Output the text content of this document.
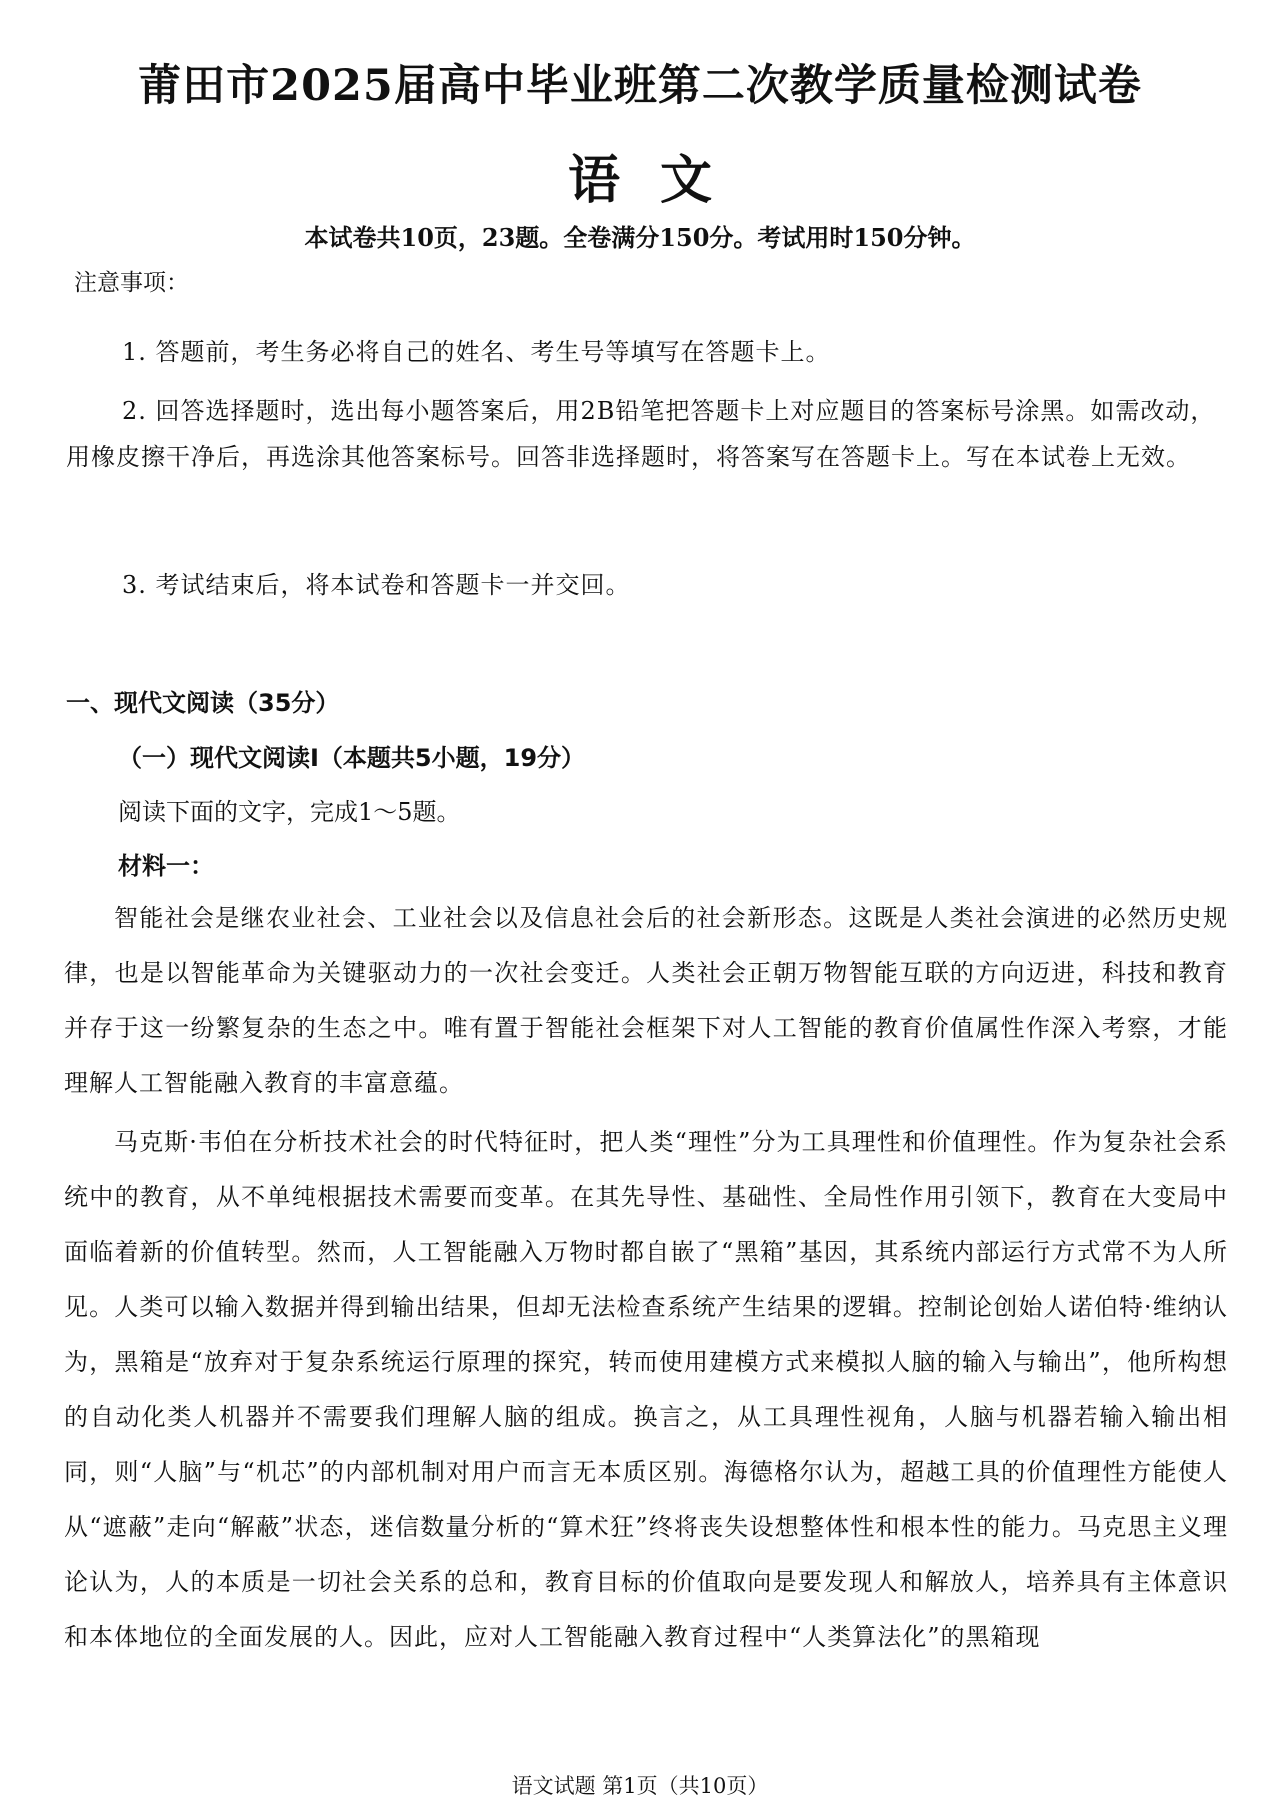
莆田市2025届高中毕业班第二次教学质量检测试卷
语文
本试卷共10页，23题。全卷满分150分。考试用时150分钟。
注意事项：
1. 答题前，考生务必将自己的姓名、考生号等填写在答题卡上。
2. 回答选择题时，选出每小题答案后，用2B铅笔把答题卡上对应题目的答案标号涂黑。如需改动，用橡皮擦干净后，再选涂其他答案标号。回答非选择题时，将答案写在答题卡上。写在本试卷上无效。
3. 考试结束后，将本试卷和答题卡一并交回。
一、现代文阅读（35分）
（一）现代文阅读Ⅰ（本题共5小题，19分）
阅读下面的文字，完成1～5题。
材料一：
智能社会是继农业社会、工业社会以及信息社会后的社会新形态。这既是人类社会演进的必然历史规律，也是以智能革命为关键驱动力的一次社会变迁。人类社会正朝万物智能互联的方向迈进，科技和教育并存于这一纷繁复杂的生态之中。唯有置于智能社会框架下对人工智能的教育价值属性作深入考察，才能理解人工智能融入教育的丰富意蕴。
马克斯·韦伯在分析技术社会的时代特征时，把人类“理性”分为工具理性和价值理性。作为复杂社会系统中的教育，从不单纯根据技术需要而变革。在其先导性、基础性、全局性作用引领下，教育在大变局中面临着新的价值转型。然而，人工智能融入万物时都自嵌了“黑箱”基因，其系统内部运行方式常不为人所见。人类可以输入数据并得到输出结果，但却无法检查系统产生结果的逻辑。控制论创始人诺伯特·维纳认为，黑箱是“放弃对于复杂系统运行原理的探究，转而使用建模方式来模拟人脑的输入与输出”，他所构想的自动化类人机器并不需要我们理解人脑的组成。换言之，从工具理性视角，人脑与机器若输入输出相同，则“人脑”与“机芯”的内部机制对用户而言无本质区别。海德格尔认为，超越工具的价值理性方能使人从“遮蔽”走向“解蔽”状态，迷信数量分析的“算术狂”终将丧失设想整体性和根本性的能力。马克思主义理论认为，人的本质是一切社会关系的总和，教育目标的价值取向是要发现人和解放人，培养具有主体意识和本体地位的全面发展的人。因此，应对人工智能融入教育过程中“人类算法化”的黑箱现
语文试题 第1页（共10页）
